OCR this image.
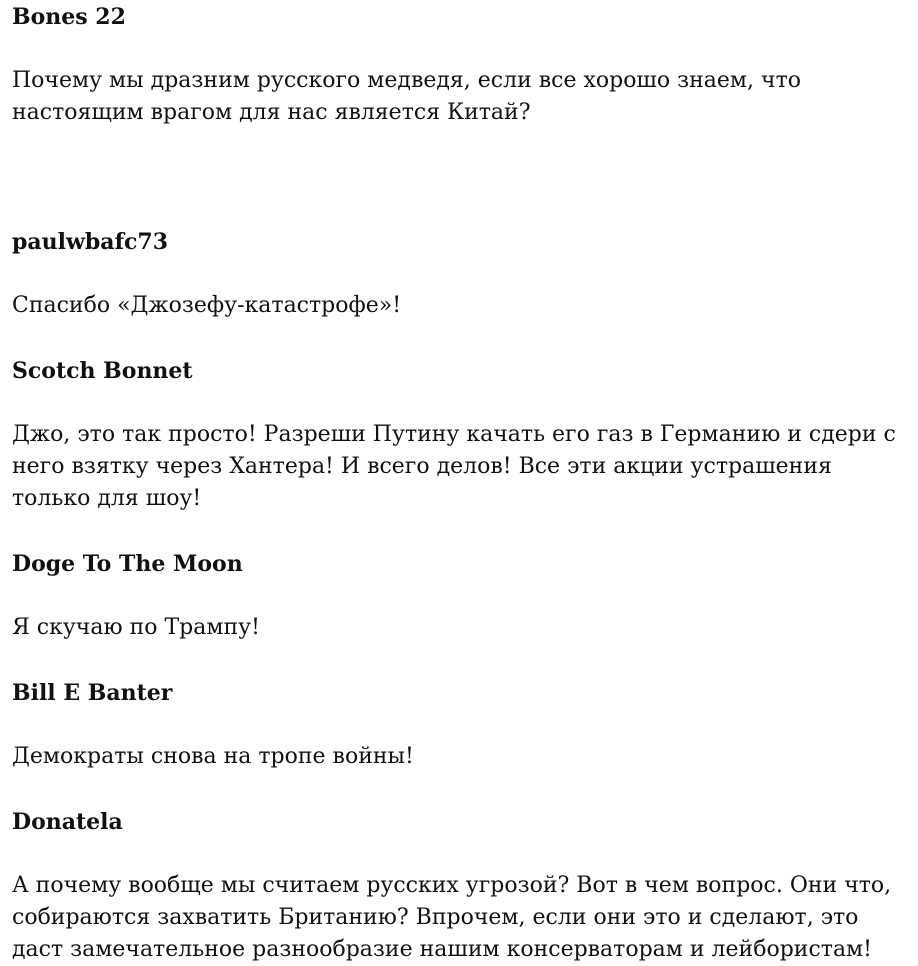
Bones 22

Почему мы дразним русского медведя, если все хорошо знаем, что настоящим врагом для нас является Китай?

paulwbafc73

Спасибо «Джозефу-катастрофе»!

Scotch Bonnet

Джо, это так просто! Разреши Путину качать его газ в Германию и сдери с него взятку через Хантера! И всего делов! Все эти акции устрашения только для шоу!

Doge To The Moon

Я скучаю по Трампу!

Bill E Banter

Демократы снова на тропе войны!

Donatela

А почему вообще мы считаем русских угрозой? Вот в чем вопрос. Они что, собираются захватить Британию? Впрочем, если они это и сделают, это даст замечательное разнообразие нашим консерваторам и лейбористам!
